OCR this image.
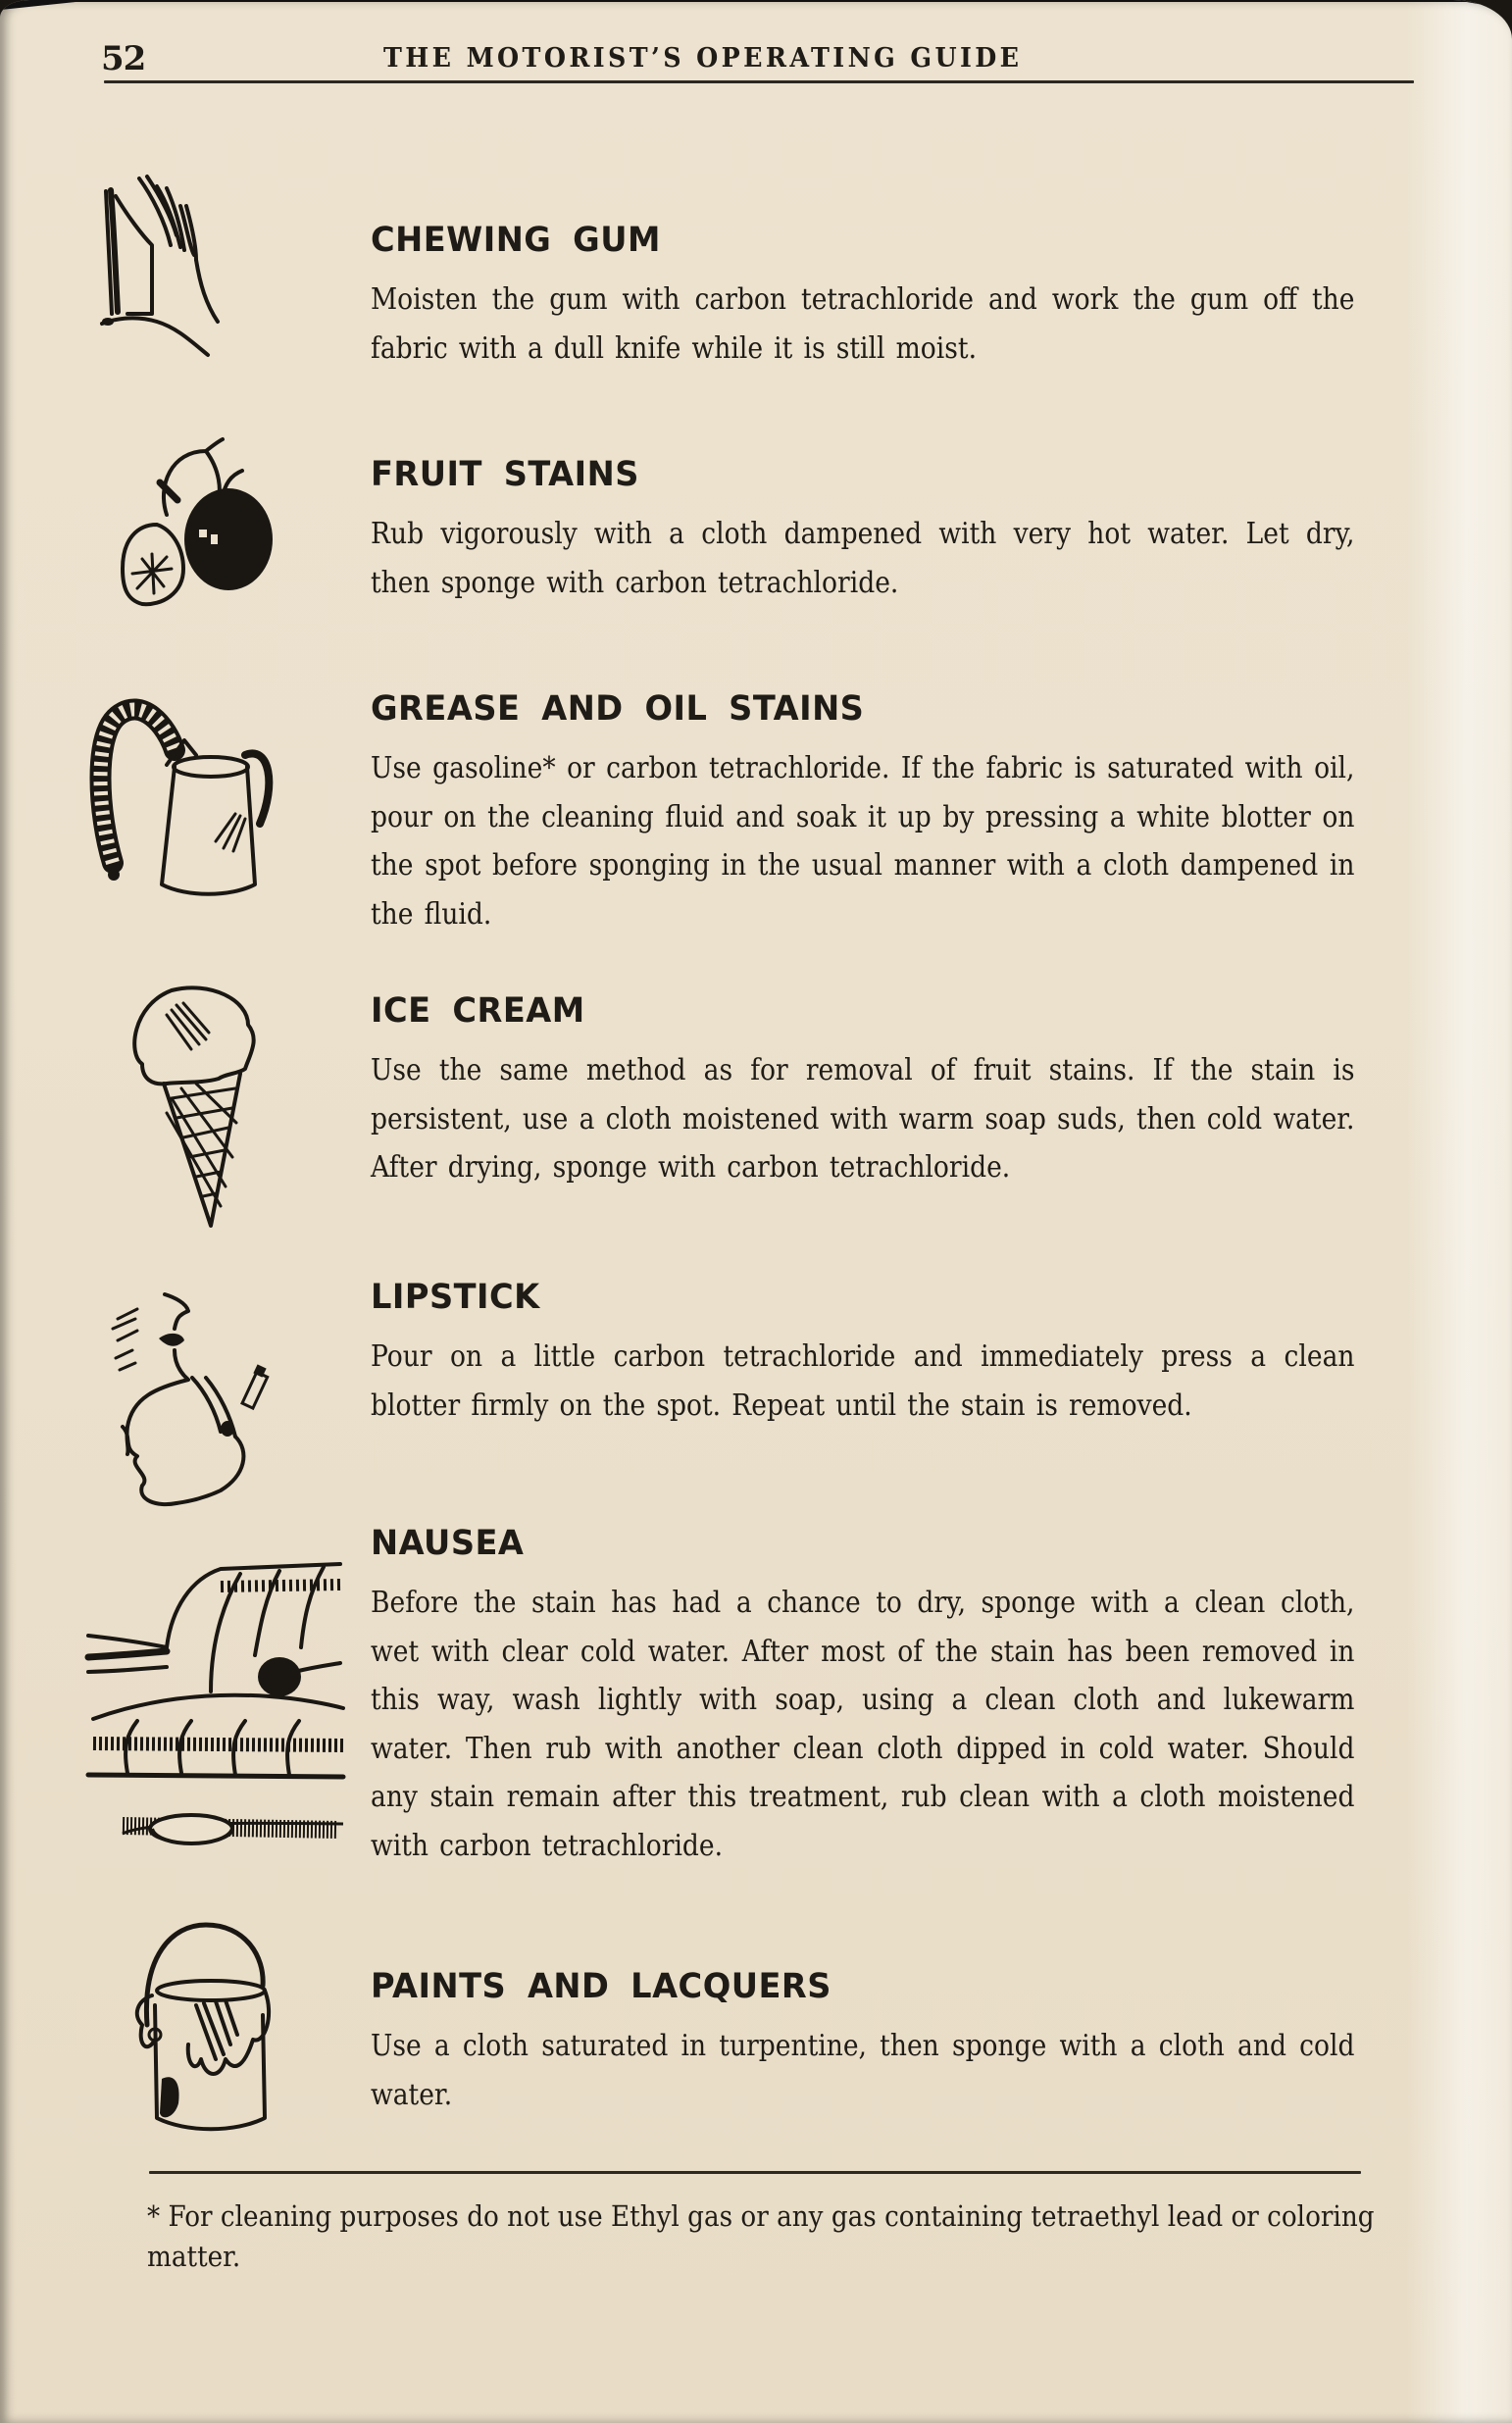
52	THE MOTORIST’S OPERATING GUIDE
CHEWING GUM

Moisten the gum with carbon tetrachloride and work the gum off the fabric with a dull knife while it is still moist.

FRUIT STAINS

Rub vigorously with a cloth dampened with very hot water. Let dry, then sponge with carbon tetrachloride.

GREASE AND OIL STAINS

Use gasoline* or carbon tetrachloride. If the fabric is saturated with oil, pour on the cleaning fluid and soak it up by pressing a white blotter on the spot before sponging in the usual manner with a cloth dampened in the fluid.

ICE CREAM

Use the same method as for removal of fruit stains. If the stain is persistent, use a cloth moistened with warm soap suds, then cold water. After drying, sponge with carbon tetrachloride.

LIPSTICK

Pour on a little carbon tetrachloride and immediately press a clean blotter firmly on the spot. Repeat until the stain is removed.

NAUSEA

Before the stain has had a chance to dry, sponge with a clean cloth, wet with clear cold water. After most of the stain has been removed in this way, wash lightly with soap, using a clean cloth and lukewarm water. Then rub with another clean cloth dipped in cold water. Should any stain remain after this treatment, rub clean with a cloth moistened with carbon tetrachloride.

PAINTS AND LACQUERS

Use a cloth saturated in turpentine, then sponge with a cloth and cold water.

* For cleaning purposes do not use Ethyl gas or any gas containing tetraethyl lead or coloring matter.
